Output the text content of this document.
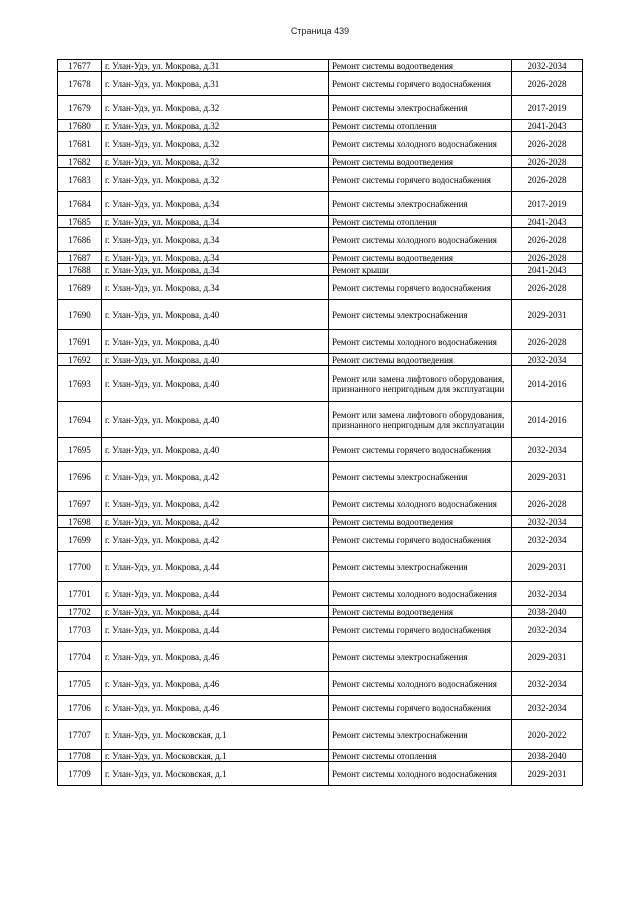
Страница 439
17677	г. Улан-Удэ, ул. Мокрова, д.31	Ремонт системы водоотведения	2032-2034
17678	г. Улан-Удэ, ул. Мокрова, д.31	Ремонт системы горячего водоснабжения	2026-2028
17679	г. Улан-Удэ, ул. Мокрова, д.32	Ремонт системы электроснабжения	2017-2019
17680	г. Улан-Удэ, ул. Мокрова, д.32	Ремонт системы отопления	2041-2043
17681	г. Улан-Удэ, ул. Мокрова, д.32	Ремонт системы холодного водоснабжения	2026-2028
17682	г. Улан-Удэ, ул. Мокрова, д.32	Ремонт системы водоотведения	2026-2028
17683	г. Улан-Удэ, ул. Мокрова, д.32	Ремонт системы горячего водоснабжения	2026-2028
17684	г. Улан-Удэ, ул. Мокрова, д.34	Ремонт системы электроснабжения	2017-2019
17685	г. Улан-Удэ, ул. Мокрова, д.34	Ремонт системы отопления	2041-2043
17686	г. Улан-Удэ, ул. Мокрова, д.34	Ремонт системы холодного водоснабжения	2026-2028
17687	г. Улан-Удэ, ул. Мокрова, д.34	Ремонт системы водоотведения	2026-2028
17688	г. Улан-Удэ, ул. Мокрова, д.34	Ремонт крыши	2041-2043
17689	г. Улан-Удэ, ул. Мокрова, д.34	Ремонт системы горячего водоснабжения	2026-2028
17690	г. Улан-Удэ, ул. Мокрова, д.40	Ремонт системы электроснабжения	2029-2031
17691	г. Улан-Удэ, ул. Мокрова, д.40	Ремонт системы холодного водоснабжения	2026-2028
17692	г. Улан-Удэ, ул. Мокрова, д.40	Ремонт системы водоотведения	2032-2034
17693	г. Улан-Удэ, ул. Мокрова, д.40	Ремонт или замена лифтового оборудования, признанного непригодным для эксплуатации	2014-2016
17694	г. Улан-Удэ, ул. Мокрова, д.40	Ремонт или замена лифтового оборудования, признанного непригодным для эксплуатации	2014-2016
17695	г. Улан-Удэ, ул. Мокрова, д.40	Ремонт системы горячего водоснабжения	2032-2034
17696	г. Улан-Удэ, ул. Мокрова, д.42	Ремонт системы электроснабжения	2029-2031
17697	г. Улан-Удэ, ул. Мокрова, д.42	Ремонт системы холодного водоснабжения	2026-2028
17698	г. Улан-Удэ, ул. Мокрова, д.42	Ремонт системы водоотведения	2032-2034
17699	г. Улан-Удэ, ул. Мокрова, д.42	Ремонт системы горячего водоснабжения	2032-2034
17700	г. Улан-Удэ, ул. Мокрова, д.44	Ремонт системы электроснабжения	2029-2031
17701	г. Улан-Удэ, ул. Мокрова, д.44	Ремонт системы холодного водоснабжения	2032-2034
17702	г. Улан-Удэ, ул. Мокрова, д.44	Ремонт системы водоотведения	2038-2040
17703	г. Улан-Удэ, ул. Мокрова, д.44	Ремонт системы горячего водоснабжения	2032-2034
17704	г. Улан-Удэ, ул. Мокрова, д.46	Ремонт системы электроснабжения	2029-2031
17705	г. Улан-Удэ, ул. Мокрова, д.46	Ремонт системы холодного водоснабжения	2032-2034
17706	г. Улан-Удэ, ул. Мокрова, д.46	Ремонт системы горячего водоснабжения	2032-2034
17707	г. Улан-Удэ, ул. Московская, д.1	Ремонт системы электроснабжения	2020-2022
17708	г. Улан-Удэ, ул. Московская, д.1	Ремонт системы отопления	2038-2040
17709	г. Улан-Удэ, ул. Московская, д.1	Ремонт системы холодного водоснабжения	2029-2031
